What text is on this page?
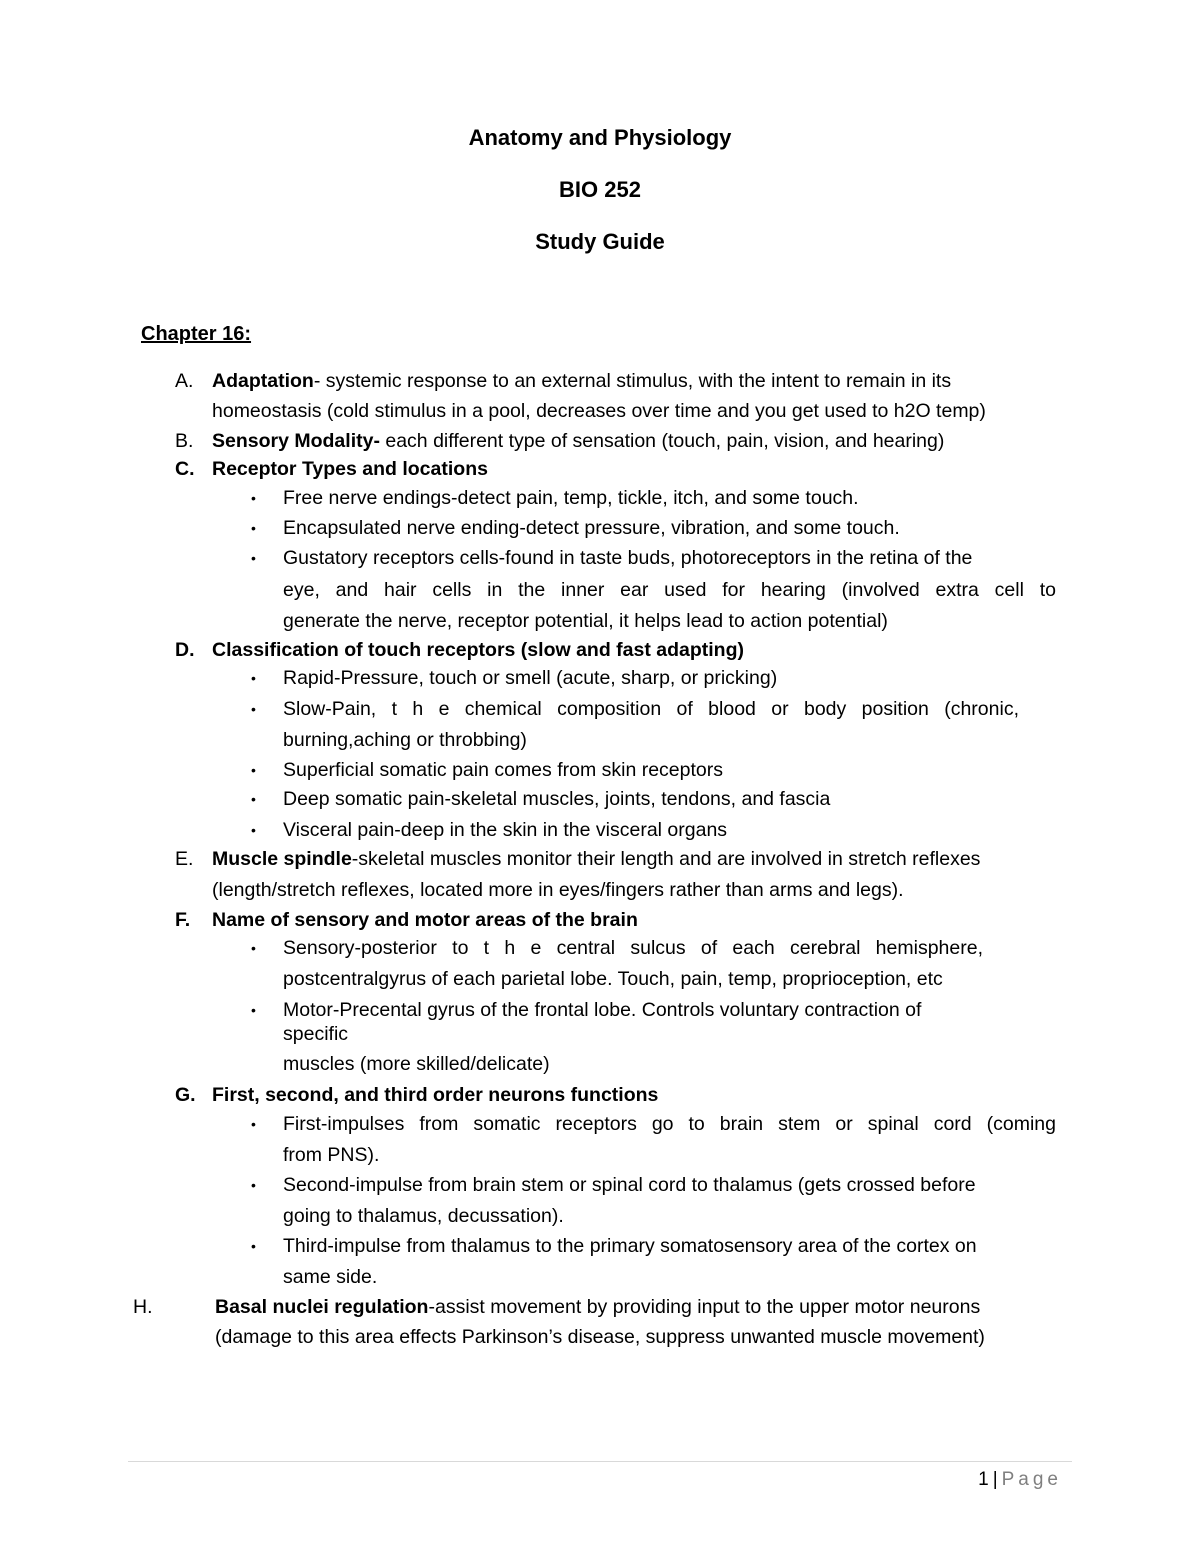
Anatomy and Physiology
BIO 252
Study Guide
Chapter 16:
A. Adaptation- systemic response to an external stimulus, with the intent to remain in its
homeostasis (cold stimulus in a pool, decreases over time and you get used to h2O temp)
B. Sensory Modality- each different type of sensation (touch, pain, vision, and hearing)
C. Receptor Types and locations
• Free nerve endings-detect pain, temp, tickle, itch, and some touch.
• Encapsulated nerve ending-detect pressure, vibration, and some touch.
• Gustatory receptors cells-found in taste buds, photoreceptors in the retina of the
eye, and hair cells in the inner ear used for hearing (involved extra cell to
generate the nerve, receptor potential, it helps lead to action potential)
D. Classification of touch receptors (slow and fast adapting)
• Rapid-Pressure, touch or smell (acute, sharp, or pricking)
• Slow-Pain, t h e chemical composition of blood or body position (chronic,
burning,aching or throbbing)
• Superficial somatic pain comes from skin receptors
• Deep somatic pain-skeletal muscles, joints, tendons, and fascia
• Visceral pain-deep in the skin in the visceral organs
E. Muscle spindle-skeletal muscles monitor their length and are involved in stretch reflexes
(length/stretch reflexes, located more in eyes/fingers rather than arms and legs).
F. Name of sensory and motor areas of the brain
• Sensory-posterior to t h e central sulcus of each cerebral hemisphere,
postcentralgyrus of each parietal lobe. Touch, pain, temp, proprioception, etc
• Motor-Precental gyrus of the frontal lobe. Controls voluntary contraction of
specific
muscles (more skilled/delicate)
G. First, second, and third order neurons functions
• First-impulses from somatic receptors go to brain stem or spinal cord (coming
from PNS).
• Second-impulse from brain stem or spinal cord to thalamus (gets crossed before
going to thalamus, decussation).
• Third-impulse from thalamus to the primary somatosensory area of the cortex on
same side.
H.	Basal nuclei regulation-assist movement by providing input to the upper motor neurons
(damage to this area effects Parkinson’s disease, suppress unwanted muscle movement)
1 | Page
